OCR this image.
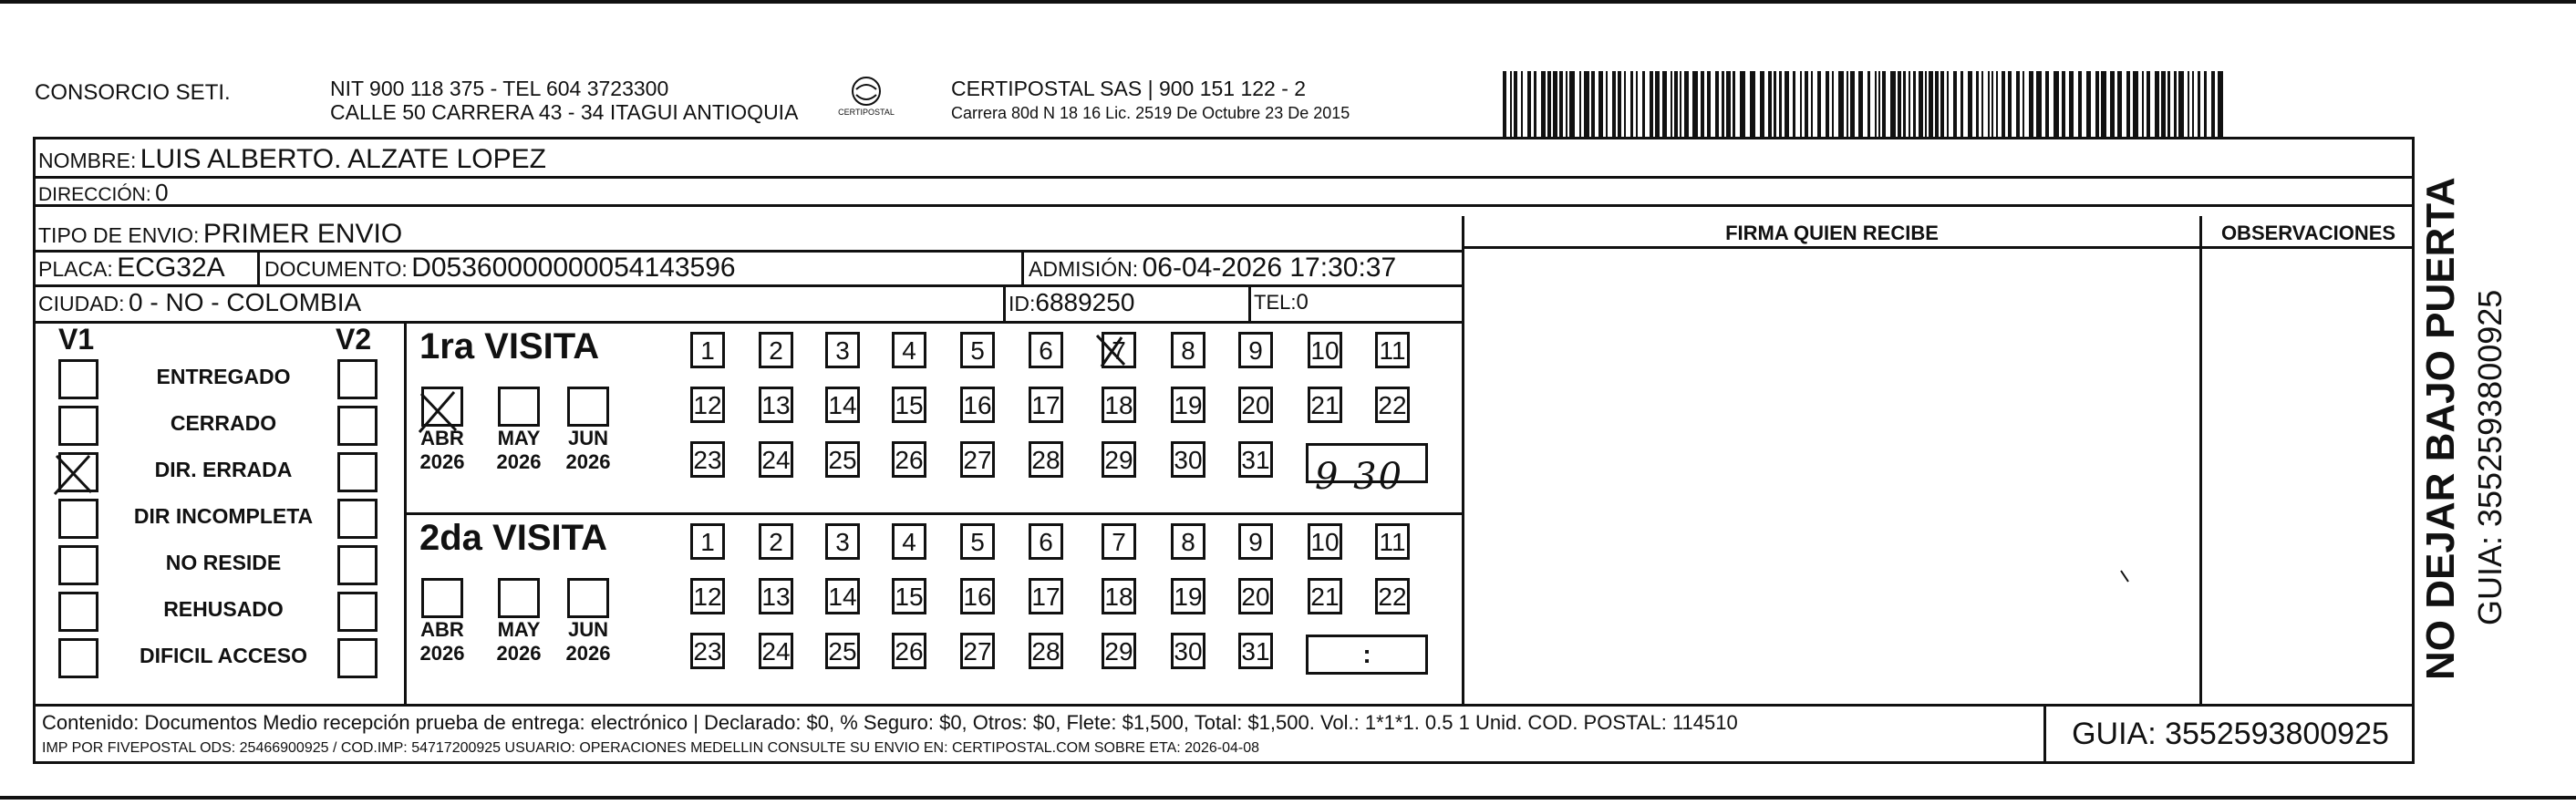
CONSORCIO SETI.	NIT 900 118 375 - TEL 604 3723300
CALLE 50 CARRERA 43 - 34 ITAGUI ANTIOQUIA	CERTIPOSTAL
CERTIPOSTAL SAS | 900 151 122 - 2
Carrera 80d N 18 16 Lic. 2519 De Octubre 23 De 2015
NOMBRE: LUIS ALBERTO. ALZATE LOPEZ
DIRECCIÓN: 0
TIPO DE ENVIO: PRIMER ENVIO
PLACA: ECG32A DOCUMENTO: D05360000000054143596	ADMISIÓN: 06-04-2026 17:30:37
CIUDAD: 0 - NO - COLOMBIA	ID:6889250	TEL:0
FIRMA QUIEN RECIBE	OBSERVACIONES
V1	V2
ENTREGADO
CERRADO
DIR. ERRADA
DIR INCOMPLETA
NO RESIDE
REHUSADO
DIFICIL ACCESO
1ra VISITA
2da VISITA
ABR
2026
MAY
2026
JUN
2026
1	2	3	4	5	6	7	8	9	10 11
12 13 14 15 16 17 18 19 20 21 22
23 24 25 26 27 28 29 30 31
ABR
2026
MAY
2026
JUN
2026
1	2	3	4	5	6	7	8	9	10 11
12 13 14 15 16 17 18 19 20 21 22
23 24 25 26 27 28 29 30 31	:
9 30
Contenido: Documentos Medio recepción prueba de entrega: electrónico | Declarado: $0, % Seguro: $0, Otros: $0, Flete: $1,500, Total: $1,500. Vol.: 1*1*1. 0.5 1 Unid. COD. POSTAL: 114510
IMP POR FIVEPOSTAL ODS: 25466900925 / COD.IMP: 54717200925 USUARIO: OPERACIONES MEDELLIN CONSULTE SU ENVIO EN: CERTIPOSTAL.COM SOBRE ETA: 2026-04-08	GUIA: 3552593800925
NO DEJAR BAJO PUERTA GUIA: 3552593800925
